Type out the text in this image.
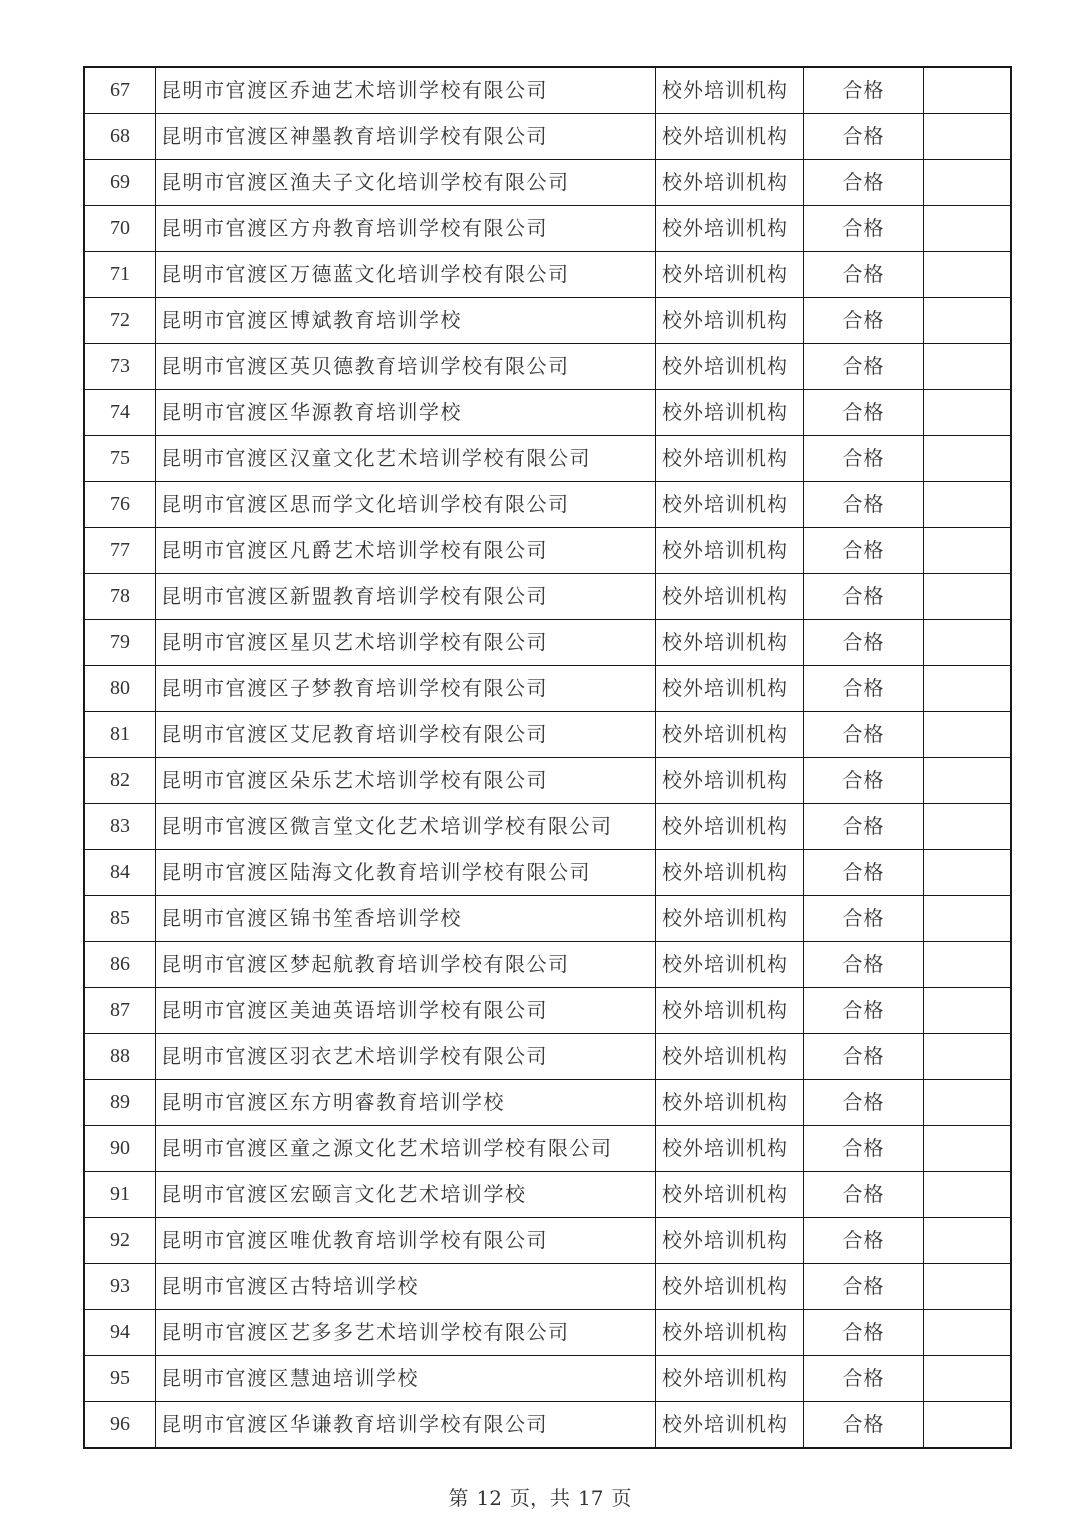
67	昆明市官渡区乔迪艺术培训学校有限公司	校外培训机构	合格	
68	昆明市官渡区神墨教育培训学校有限公司	校外培训机构	合格	
69	昆明市官渡区渔夫子文化培训学校有限公司	校外培训机构	合格	
70	昆明市官渡区方舟教育培训学校有限公司	校外培训机构	合格	
71	昆明市官渡区万德蓝文化培训学校有限公司	校外培训机构	合格	
72	昆明市官渡区博斌教育培训学校	校外培训机构	合格	
73	昆明市官渡区英贝德教育培训学校有限公司	校外培训机构	合格	
74	昆明市官渡区华源教育培训学校	校外培训机构	合格	
75	昆明市官渡区汉童文化艺术培训学校有限公司	校外培训机构	合格	
76	昆明市官渡区思而学文化培训学校有限公司	校外培训机构	合格	
77	昆明市官渡区凡爵艺术培训学校有限公司	校外培训机构	合格	
78	昆明市官渡区新盟教育培训学校有限公司	校外培训机构	合格	
79	昆明市官渡区星贝艺术培训学校有限公司	校外培训机构	合格	
80	昆明市官渡区子梦教育培训学校有限公司	校外培训机构	合格	
81	昆明市官渡区艾尼教育培训学校有限公司	校外培训机构	合格	
82	昆明市官渡区朵乐艺术培训学校有限公司	校外培训机构	合格	
83	昆明市官渡区微言堂文化艺术培训学校有限公司	校外培训机构	合格	
84	昆明市官渡区陆海文化教育培训学校有限公司	校外培训机构	合格	
85	昆明市官渡区锦书笙香培训学校	校外培训机构	合格	
86	昆明市官渡区梦起航教育培训学校有限公司	校外培训机构	合格	
87	昆明市官渡区美迪英语培训学校有限公司	校外培训机构	合格	
88	昆明市官渡区羽衣艺术培训学校有限公司	校外培训机构	合格	
89	昆明市官渡区东方明睿教育培训学校	校外培训机构	合格	
90	昆明市官渡区童之源文化艺术培训学校有限公司	校外培训机构	合格	
91	昆明市官渡区宏颐言文化艺术培训学校	校外培训机构	合格	
92	昆明市官渡区唯优教育培训学校有限公司	校外培训机构	合格	
93	昆明市官渡区古特培训学校	校外培训机构	合格	
94	昆明市官渡区艺多多艺术培训学校有限公司	校外培训机构	合格	
95	昆明市官渡区慧迪培训学校	校外培训机构	合格	
96	昆明市官渡区华谦教育培训学校有限公司	校外培训机构	合格	
第 12 页，共 17 页
